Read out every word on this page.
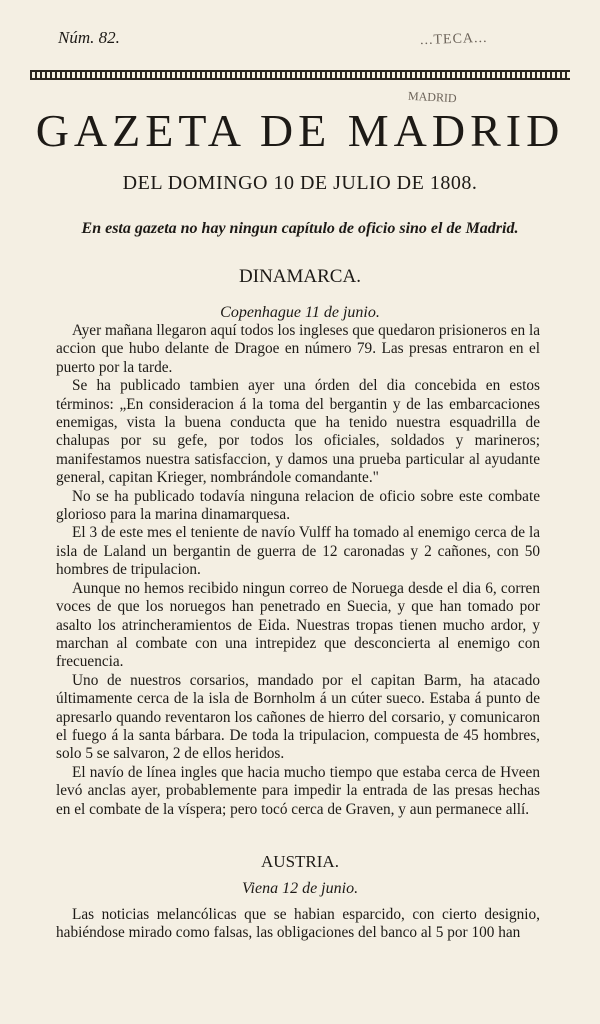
Núm. 82.	...TECA...
MADRID
GAZETA DE MADRID
DEL DOMINGO 10 DE JULIO DE 1808.
En esta gazeta no hay ningun capítulo de oficio sino el de Madrid.
DINAMARCA.
Copenhague 11 de junio.

Ayer mañana llegaron aquí todos los ingleses que quedaron prisioneros en la accion que hubo delante de Dragoe en número 79. Las presas entraron en el puerto por la tarde.

Se ha publicado tambien ayer una órden del dia concebida en estos términos: „En consideracion á la toma del bergantin y de las embarcaciones enemigas, vista la buena conducta que ha tenido nuestra esquadrilla de chalupas por su gefe, por todos los oficiales, soldados y marineros; manifestamos nuestra satisfaccion, y damos una prueba particular al ayudante general, capitan Krieger, nombrándole comandante."

No se ha publicado todavía ninguna relacion de oficio sobre este combate glorioso para la marina dinamarquesa.

El 3 de este mes el teniente de navío Vulff ha tomado al enemigo cerca de la isla de Laland un bergantin de guerra de 12 caronadas y 2 cañones, con 50 hombres de tripulacion.

Aunque no hemos recibido ningun correo de Noruega desde el dia 6, corren voces de que los noruegos han penetrado en Suecia, y que han tomado por asalto los atrincheramientos de Eida. Nuestras tropas tienen mucho ardor, y marchan al combate con una intrepidez que desconcierta al enemigo con frecuencia.

Uno de nuestros corsarios, mandado por el capitan Barm, ha atacado últimamente cerca de la isla de Bornholm á un cúter sueco. Estaba á punto de apresarlo quando reventaron los cañones de hierro del corsario, y comunicaron el fuego á la santa bárbara. De toda la tripulacion, compuesta de 45 hombres, solo 5 se salvaron, 2 de ellos heridos.

El navío de línea ingles que hacia mucho tiempo que estaba cerca de Hveen levó anclas ayer, probablemente para impedir la entrada de las presas hechas en el combate de la víspera; pero tocó cerca de Graven, y aun permanece allí.

AUSTRIA.
Viena 12 de junio.

Las noticias melancólicas que se habian esparcido, con cierto designio, habiéndose mirado como falsas, las obligaciones del banco al 5 por 100 han
